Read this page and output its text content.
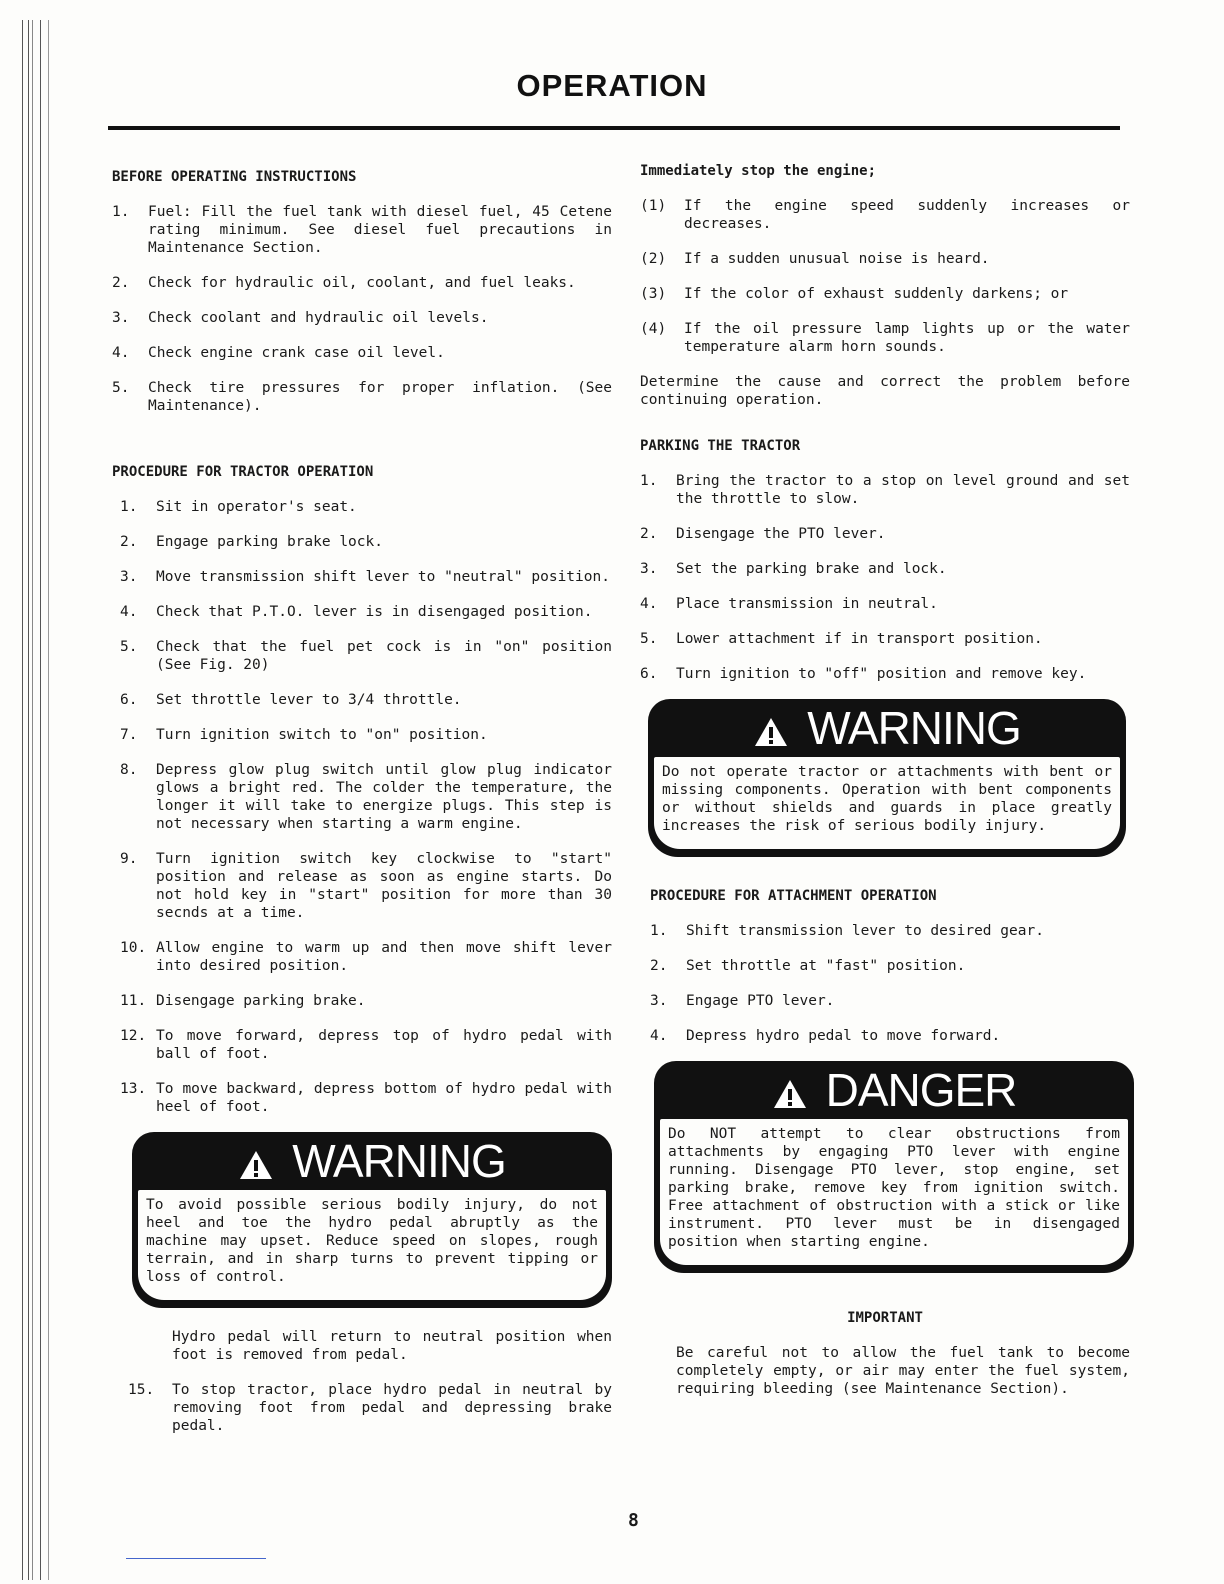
OPERATION
BEFORE OPERATING INSTRUCTIONS
1.	Fuel: Fill the fuel tank with diesel fuel, 45 Cetene rating minimum. See diesel fuel precautions in Maintenance Section.
2.	Check for hydraulic oil, coolant, and fuel leaks.
3.	Check coolant and hydraulic oil levels.
4.	Check engine crank case oil level.
5.	Check tire pressures for proper inflation. (See Maintenance).
PROCEDURE FOR TRACTOR OPERATION
1.	Sit in operator's seat.
2.	Engage parking brake lock.
3.	Move transmission shift lever to "neutral" position.
4.	Check that P.T.O. lever is in disengaged position.
5.	Check that the fuel pet cock is in "on" position (See Fig. 20)
6.	Set throttle lever to 3/4 throttle.
7.	Turn ignition switch to "on" position.
8.	Depress glow plug switch until glow plug indicator glows a bright red. The colder the temperature, the longer it will take to energize plugs. This step is not necessary when starting a warm engine.
9.	Turn ignition switch key clockwise to "start" position and release as soon as engine starts. Do not hold key in "start" position for more than 30 secnds at a time.
10. Allow engine to warm up and then move shift lever into desired position.
11. Disengage parking brake.
12. To move forward, depress top of hydro pedal with ball of foot.
13. To move backward, depress bottom of hydro pedal with heel of foot.
WARNING
To avoid possible serious bodily injury, do not heel and toe the hydro pedal abruptly as the machine may upset. Reduce speed on slopes, rough terrain, and in sharp turns to prevent tipping or loss of control.
Hydro pedal will return to neutral position when foot is removed from pedal.
15.	To stop tractor, place hydro pedal in neutral by removing foot from pedal and depressing brake pedal.
Immediately stop the engine;
(1)	If the engine speed suddenly increases or decreases.
(2)	If a sudden unusual noise is heard.
(3)	If the color of exhaust suddenly darkens; or
(4)	If the oil pressure lamp lights up or the water temperature alarm horn sounds.
Determine the cause and correct the problem before continuing operation.
PARKING THE TRACTOR
1.	Bring the tractor to a stop on level ground and set the throttle to slow.
2.	Disengage the PTO lever.
3.	Set the parking brake and lock.
4.	Place transmission in neutral.
5.	Lower attachment if in transport position.
6.	Turn ignition to "off" position and remove key.
WARNING
Do not operate tractor or attachments with bent or missing components. Operation with bent components or without shields and guards in place greatly increases the risk of serious bodily injury.
PROCEDURE FOR ATTACHMENT OPERATION
1.	Shift transmission lever to desired gear.
2.	Set throttle at "fast" position.
3.	Engage PTO lever.
4.	Depress hydro pedal to move forward.
DANGER
Do NOT attempt to clear obstructions from attachments by engaging PTO lever with engine running. Disengage PTO lever, stop engine, set parking brake, remove key from ignition switch. Free attachment of obstruction with a stick or like instrument. PTO lever must be in disengaged position when starting engine.
IMPORTANT
Be careful not to allow the fuel tank to become completely empty, or air may enter the fuel system, requiring bleeding (see Maintenance Section).
8
